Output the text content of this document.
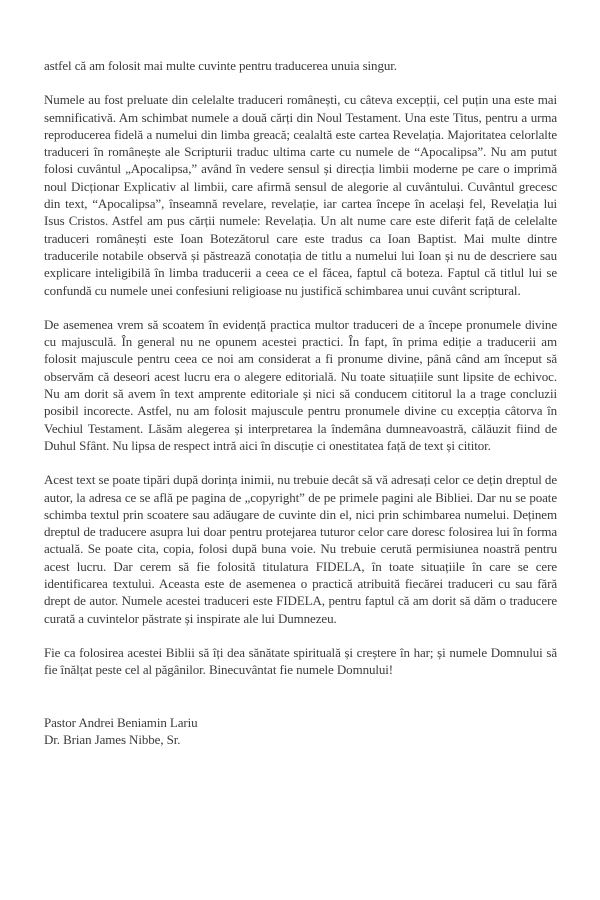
astfel că am folosit mai multe cuvinte pentru traducerea unuia singur.

Numele au fost preluate din celelalte traduceri românești, cu câteva excepții, cel puțin una este mai semnificativă. Am schimbat numele a două cărți din Noul Testament. Una este Titus, pentru a urma reproducerea fidelă a numelui din limba greacă; cealaltă este cartea Revelația. Majoritatea celorlalte traduceri în românește ale Scripturii traduc ultima carte cu numele de “Apocalipsa”. Nu am putut folosi cuvântul „Apocalipsa,” având în vedere sensul și direcția limbii moderne pe care o imprimă noul Dicționar Explicativ al limbii, care afirmă sensul de alegorie al cuvântului. Cuvântul grecesc din text, “Apocalipsa”, înseamnă revelare, revelație, iar cartea începe în același fel, Revelația lui Isus Cristos. Astfel am pus cărții numele: Revelația. Un alt nume care este diferit față de celelalte traduceri românești este Ioan Botezătorul care este tradus ca Ioan Baptist. Mai multe dintre traducerile notabile observă și păstrează conotația de titlu a numelui lui Ioan și nu de descriere sau explicare inteligibilă în limba traducerii a ceea ce el făcea, faptul că boteza. Faptul că titlul lui se confundă cu numele unei confesiuni religioase nu justifică schimbarea unui cuvânt scriptural.

De asemenea vrem să scoatem în evidență practica multor traduceri de a începe pronumele divine cu majusculă. În general nu ne opunem acestei practici. În fapt, în prima ediție a traducerii am folosit majuscule pentru ceea ce noi am considerat a fi pronume divine, până când am început să observăm că deseori acest lucru era o alegere editorială. Nu toate situațiile sunt lipsite de echivoc. Nu am dorit să avem în text amprente editoriale și nici să conducem cititorul la a trage concluzii posibil incorecte. Astfel, nu am folosit majuscule pentru pronumele divine cu excepția câtorva în Vechiul Testament. Lăsăm alegerea și interpretarea la îndemâna dumneavoastră, călăuzit fiind de Duhul Sfânt. Nu lipsa de respect intră aici în discuție ci onestitatea față de text și cititor.

Acest text se poate tipări după dorința inimii, nu trebuie decât să vă adresați celor ce dețin dreptul de autor, la adresa ce se află pe pagina de „copyright” de pe primele pagini ale Bibliei. Dar nu se poate schimba textul prin scoatere sau adăugare de cuvinte din el, nici prin schimbarea numelui. Deținem dreptul de traducere asupra lui doar pentru protejarea tuturor celor care doresc folosirea lui în forma actuală. Se poate cita, copia, folosi după buna voie. Nu trebuie cerută permisiunea noastră pentru acest lucru. Dar cerem să fie folosită titulatura FIDELA, în toate situațiile în care se cere identificarea textului. Aceasta este de asemenea o practică atribuită fiecărei traduceri cu sau fără drept de autor. Numele acestei traduceri este FIDELA, pentru faptul că am dorit să dăm o traducere curată a cuvintelor păstrate și inspirate ale lui Dumnezeu.

Fie ca folosirea acestei Biblii să îți dea sănătate spirituală și creștere în har; și numele Domnului să fie înălțat peste cel al păgânilor. Binecuvântat fie numele Domnului!

Pastor Andrei Beniamin Lariu
Dr. Brian James Nibbe, Sr.
